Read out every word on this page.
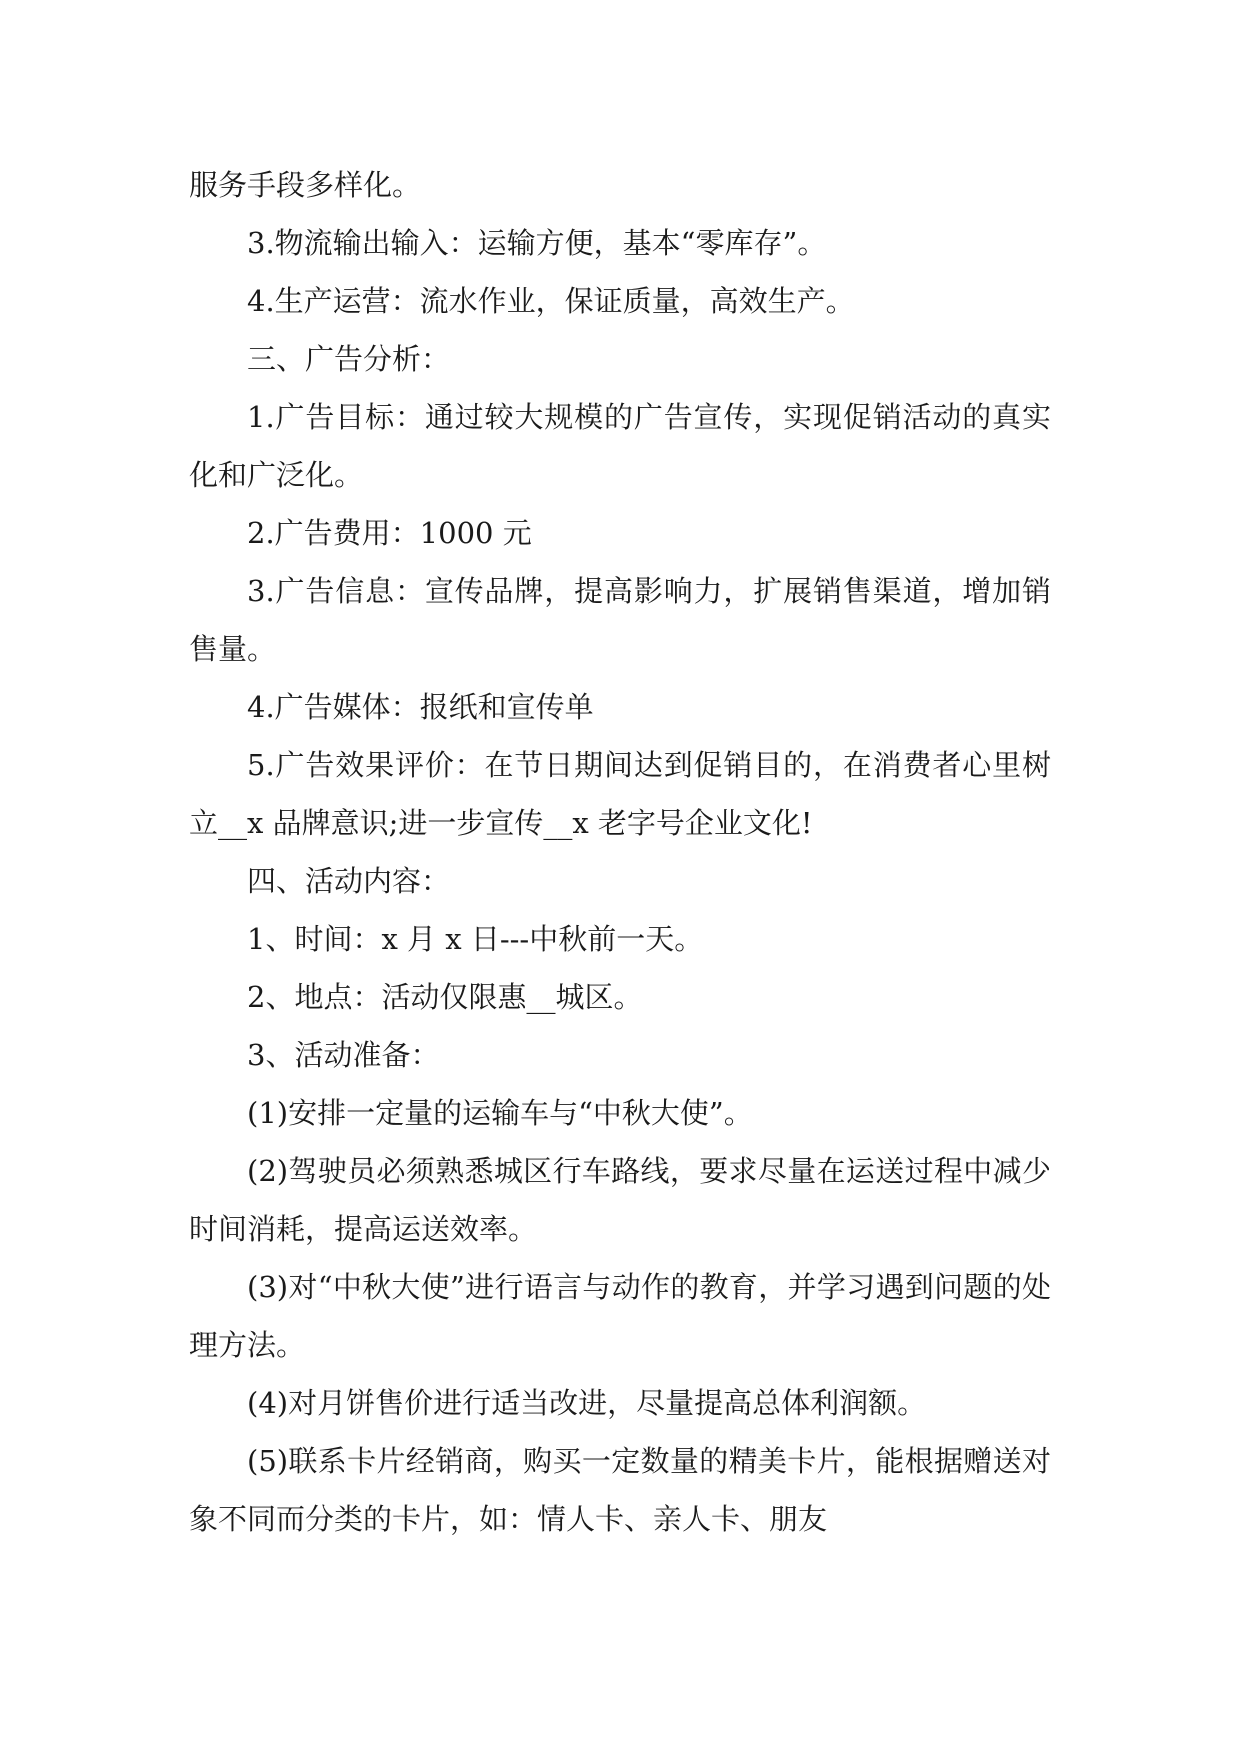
服务手段多样化。

3.物流输出输入：运输方便，基本“零库存”。

4.生产运营：流水作业，保证质量，高效生产。

三、广告分析：

1.广告目标：通过较大规模的广告宣传，实现促销活动的真实化和广泛化。

2.广告费用：1000 元

3.广告信息：宣传品牌，提高影响力，扩展销售渠道，增加销售量。

4.广告媒体：报纸和宣传单

5.广告效果评价：在节日期间达到促销目的，在消费者心里树立__x 品牌意识;进一步宣传__x 老字号企业文化!

四、活动内容：

1、时间：x 月 x 日---中秋前一天。

2、地点：活动仅限惠__城区。

3、活动准备：

(1)安排一定量的运输车与“中秋大使”。

(2)驾驶员必须熟悉城区行车路线，要求尽量在运送过程中减少时间消耗，提高运送效率。

(3)对“中秋大使”进行语言与动作的教育，并学习遇到问题的处理方法。

(4)对月饼售价进行适当改进，尽量提高总体利润额。

(5)联系卡片经销商，购买一定数量的精美卡片，能根据赠送对象不同而分类的卡片，如：情人卡、亲人卡、朋友
